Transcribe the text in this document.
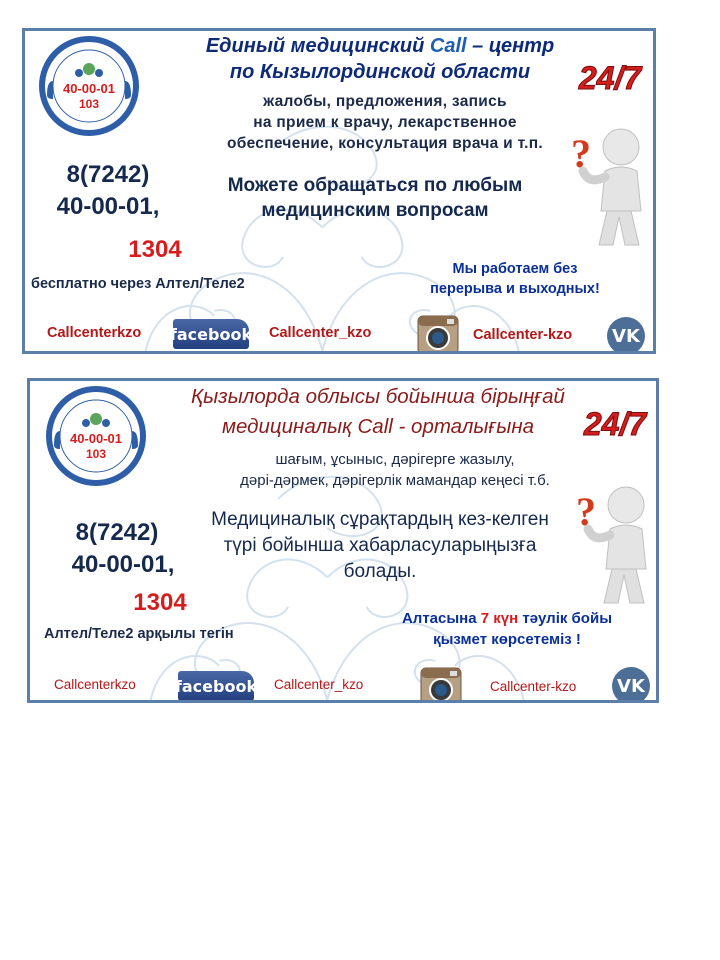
40-00-01
103
Единый медицинский Call – центр
по Кызылординской области	24/7
жалобы, предложения, запись
на прием к врачу, лекарственное
обеспечение, консультация врача и т.п. ?
8(7242)
40-00-01,
1304
бесплатно через Алтел/Теле2
Можете обращаться по любым
медицинским вопросам
Мы работаем без
перерыва и выходных!
Callcenterkzo facebook Callcenter_kzo	Callcenter-kzo VK
40-00-01
103
Қызылорда облысы бойынша бірыңғай
медициналық Call - орталығына	24/7
шағым, ұсыныс, дәрігерге жазылу,
дәрі-дәрмек, дәрігерлік мамандар кеңесі т.б.
?
8(7242)
40-00-01,
1304
Алтел/Теле2 арқылы тегін
Медициналық сұрақтардың кез-келген
түрі бойынша хабарласуларыңызға
болады.
Алтасына 7 күн тәулік бойы
қызмет көрсетеміз !
Callcenterkzo facebook Callcenter_kzo	Callcenter-kzo VK
